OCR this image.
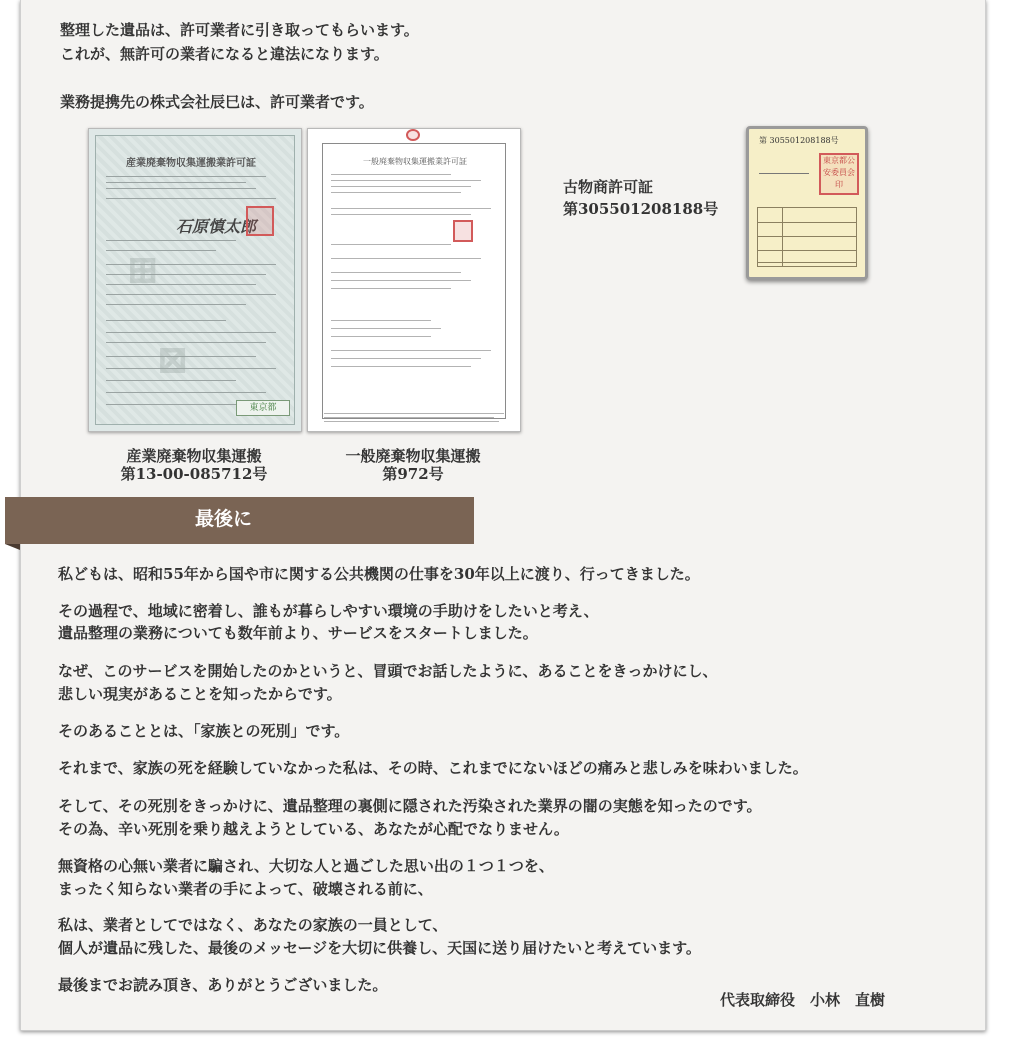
整理した遺品は、許可業者に引き取ってもらいます。
これが、無許可の業者になると違法になります。
業務提携先の株式会社辰巳は、許可業者です。
産業廃棄物収集運搬業許可証
石原慎太郎
⊞
⊠
東京都
一般廃棄物収集運搬業許可証
産業廃棄物収集運搬
第13-00-085712号
一般廃棄物収集運搬
第972号
古物商許可証
第305501208188号
第 305501208188号

東京都公安委員会印
最後に
私どもは、昭和55年から国や市に関する公共機関の仕事を30年以上に渡り、行ってきました。
その過程で、地域に密着し、誰もが暮らしやすい環境の手助けをしたいと考え、
遺品整理の業務についても数年前より、サービスをスタートしました。
なぜ、このサービスを開始したのかというと、冒頭でお話したように、あることをきっかけにし、
悲しい現実があることを知ったからです。
そのあることとは、「家族との死別」です。
それまで、家族の死を経験していなかった私は、その時、これまでにないほどの痛みと悲しみを味わいました。
そして、その死別をきっかけに、遺品整理の裏側に隠された汚染された業界の闇の実態を知ったのです。
その為、辛い死別を乗り越えようとしている、あなたが心配でなりません。
無資格の心無い業者に騙され、大切な人と過ごした思い出の１つ１つを、
まったく知らない業者の手によって、破壊される前に、
私は、業者としてではなく、あなたの家族の一員として、
個人が遺品に残した、最後のメッセージを大切に供養し、天国に送り届けたいと考えています。
最後までお読み頂き、ありがとうございました。
代表取締役　小林　直樹
